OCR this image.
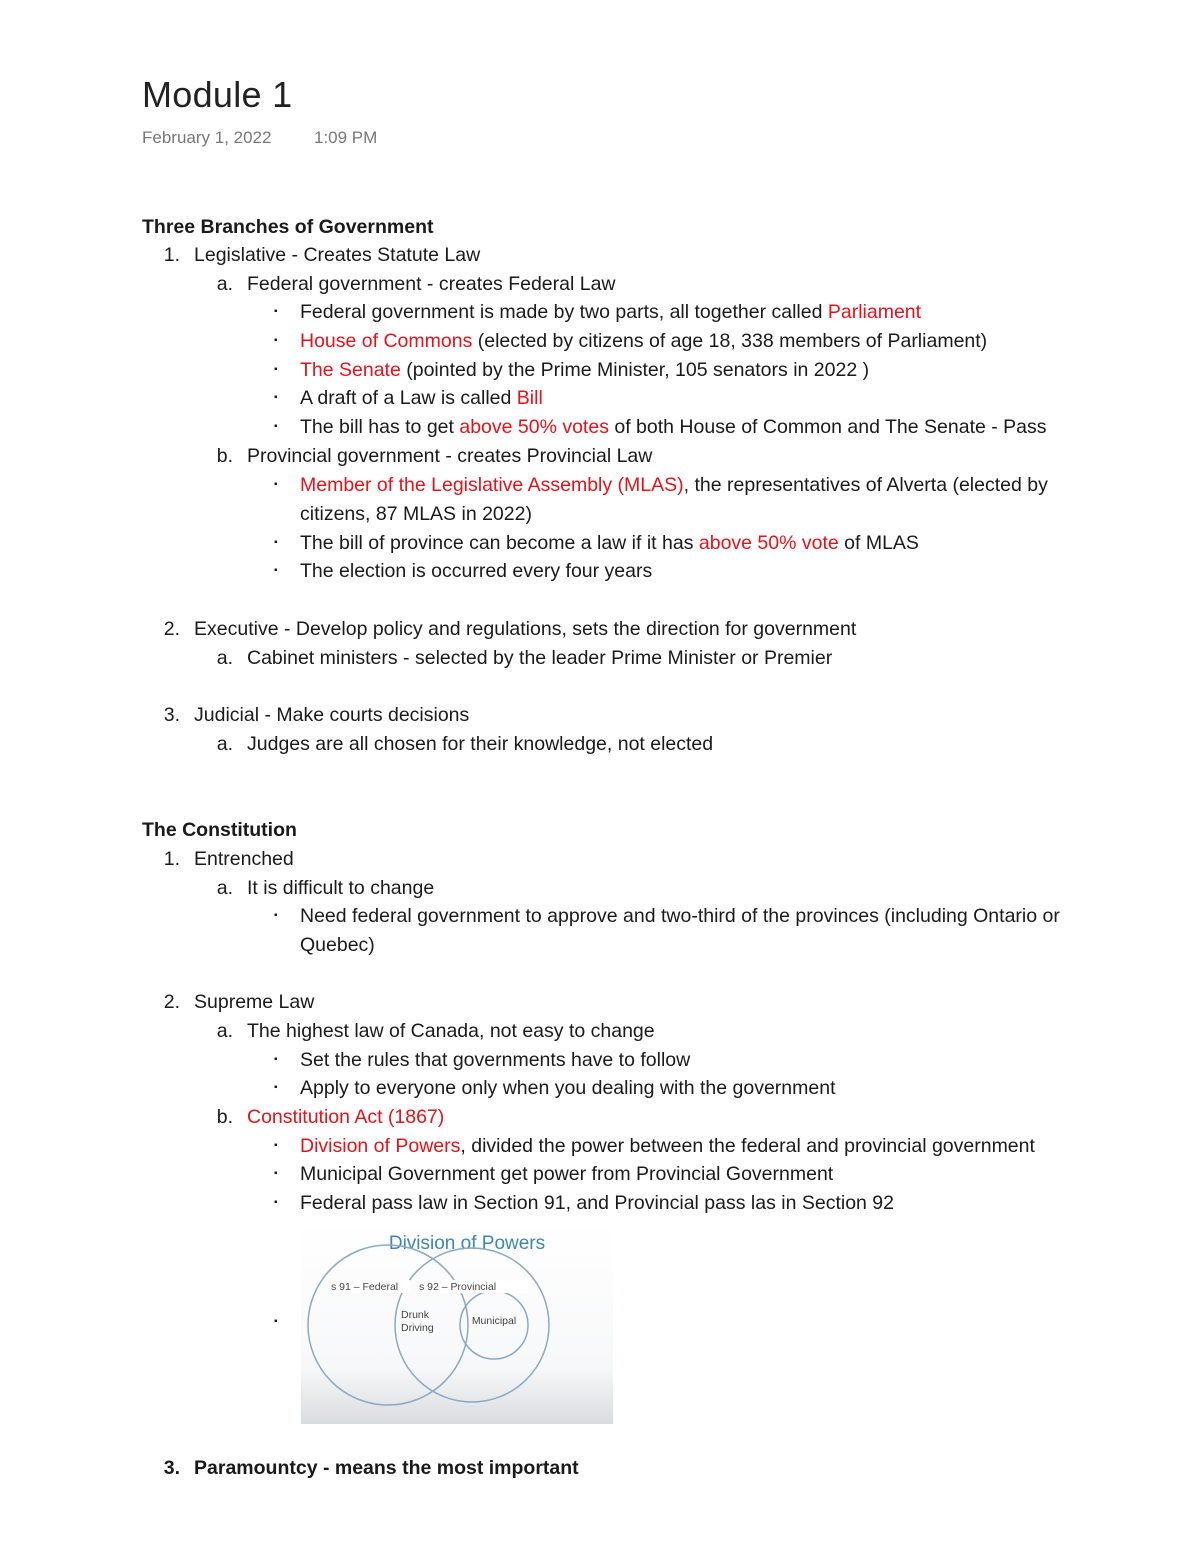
Module 1
February 1, 2022	1:09 PM
Three Branches of Government
1. Legislative - Creates Statute Law
a. Federal government - creates Federal Law
▪ Federal government is made by two parts, all together called Parliament
▪ House of Commons (elected by citizens of age 18, 338 members of Parliament)
▪ The Senate (pointed by the Prime Minister, 105 senators in 2022 )
▪ A draft of a Law is called Bill
▪ The bill has to get above 50% votes of both House of Common and The Senate - Pass
b. Provincial government - creates Provincial Law
▪ Member of the Legislative Assembly (MLAS), the representatives of Alverta (elected by
citizens, 87 MLAS in 2022)
▪ The bill of province can become a law if it has above 50% vote of MLAS
▪ The election is occurred every four years
2. Executive - Develop policy and regulations, sets the direction for government
a. Cabinet ministers - selected by the leader Prime Minister or Premier
3. Judicial - Make courts decisions
a. Judges are all chosen for their knowledge, not elected
The Constitution
1. Entrenched
a. It is difficult to change
▪ Need federal government to approve and two-third of the provinces (including Ontario or
Quebec)
2. Supreme Law
a. The highest law of Canada, not easy to change
▪ Set the rules that governments have to follow
▪ Apply to everyone only when you dealing with the government
b. Constitution Act (1867)
▪ Division of Powers, divided the power between the federal and provincial government
▪ Municipal Government get power from Provincial Government
▪ Federal pass law in Section 91, and Provincial pass las in Section 92
▪
Division of Powers
s 91 – Federal s 92 – Provincial
Drunk
Driving
Municipal
3. Paramountcy - means the most important
